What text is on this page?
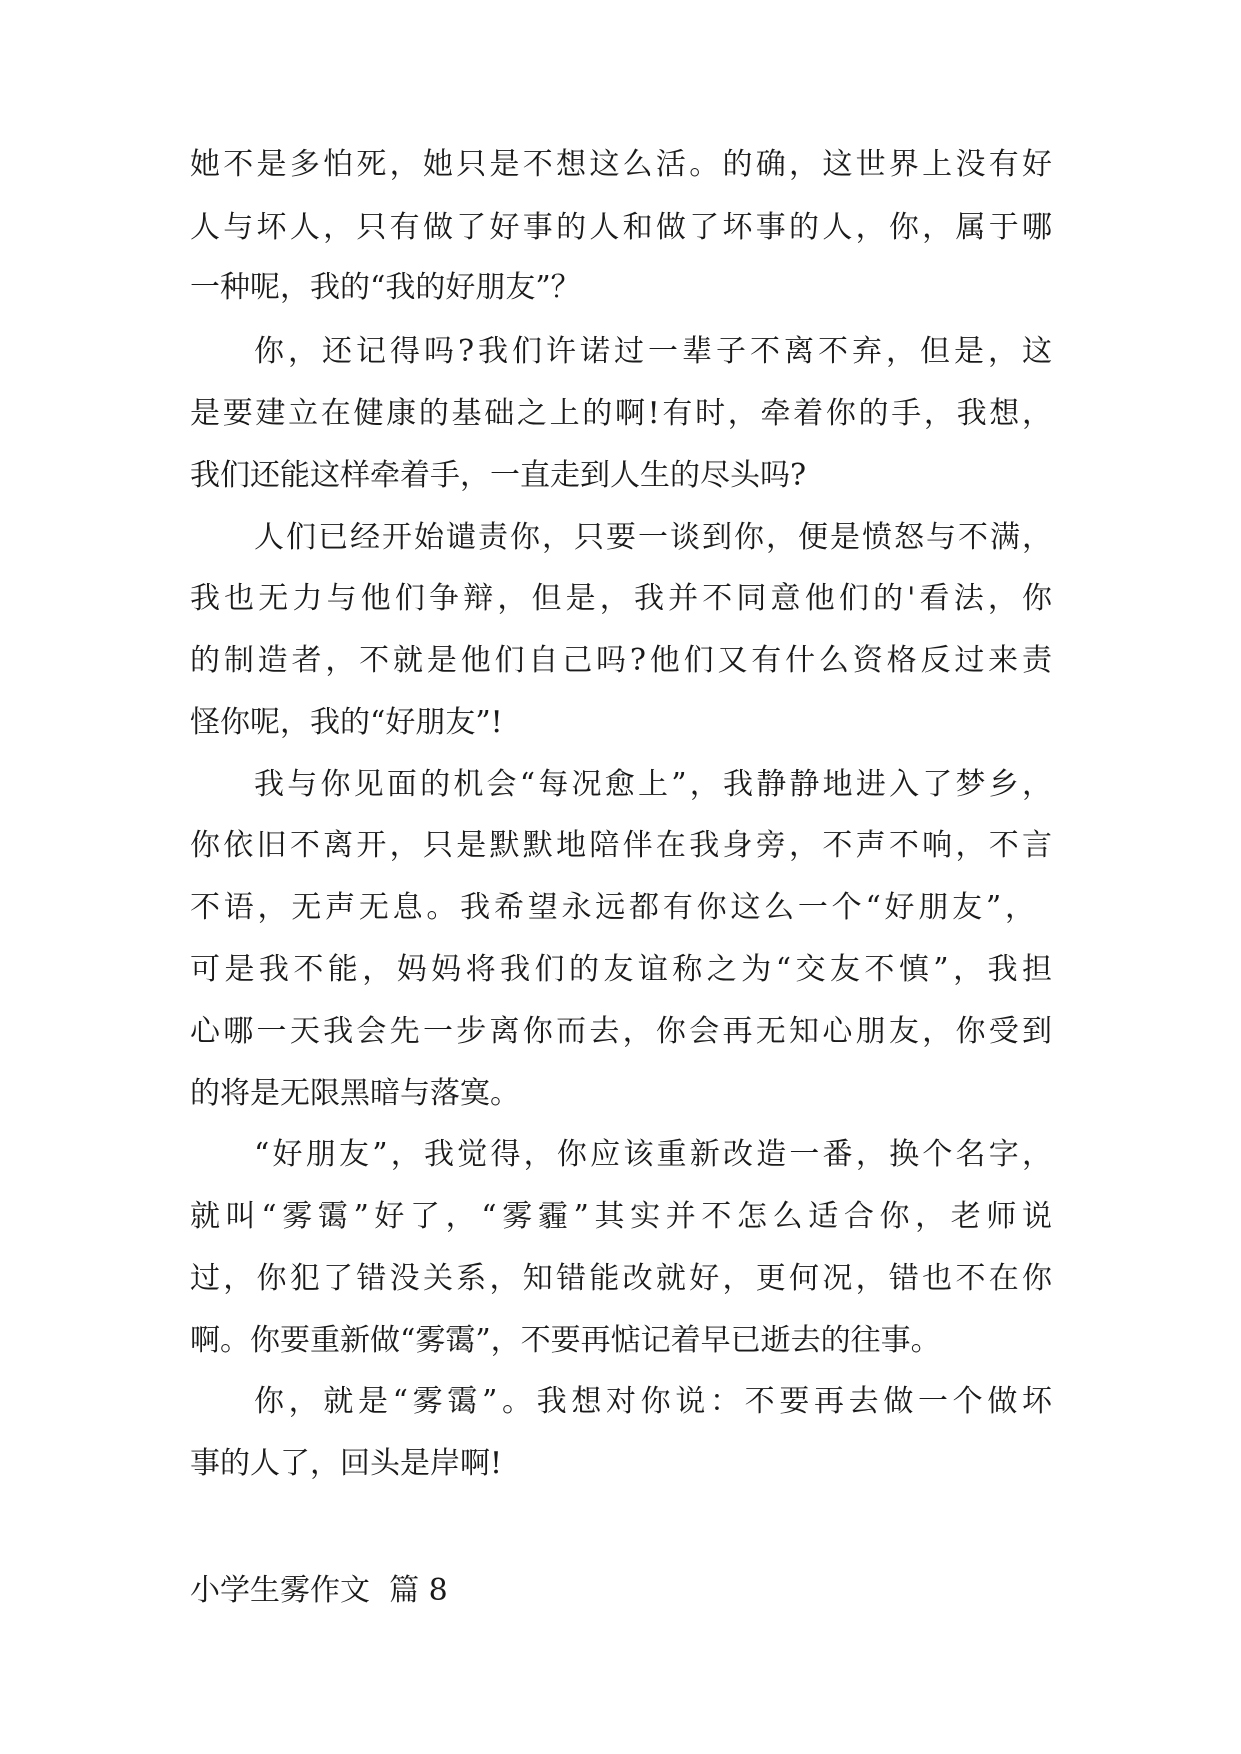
她不是多怕死，她只是不想这么活。的确，这世界上没有好
人与坏人，只有做了好事的人和做了坏事的人，你，属于哪
一种呢，我的“我的好朋友”？
你，还记得吗?我们许诺过一辈子不离不弃，但是，这
是要建立在健康的基础之上的啊!有时，牵着你的手，我想，
我们还能这样牵着手，一直走到人生的尽头吗?
人们已经开始谴责你，只要一谈到你，便是愤怒与不满，
我也无力与他们争辩，但是，我并不同意他们的'看法，你
的制造者，不就是他们自己吗?他们又有什么资格反过来责
怪你呢，我的“好朋友”!
我与你见面的机会“每况愈上”，我静静地进入了梦乡，
你依旧不离开，只是默默地陪伴在我身旁，不声不响，不言
不语，无声无息。我希望永远都有你这么一个“好朋友”，
可是我不能，妈妈将我们的友谊称之为“交友不慎”，我担
心哪一天我会先一步离你而去，你会再无知心朋友，你受到
的将是无限黑暗与落寞。
“好朋友”，我觉得，你应该重新改造一番，换个名字，
就叫“雾霭”好了，“雾霾”其实并不怎么适合你，老师说
过，你犯了错没关系，知错能改就好，更何况，错也不在你
啊。你要重新做“雾霭”，不要再惦记着早已逝去的往事。
你，就是“雾霭”。我想对你说：不要再去做一个做坏
事的人了，回头是岸啊!
小学生雾作文  篇 8
